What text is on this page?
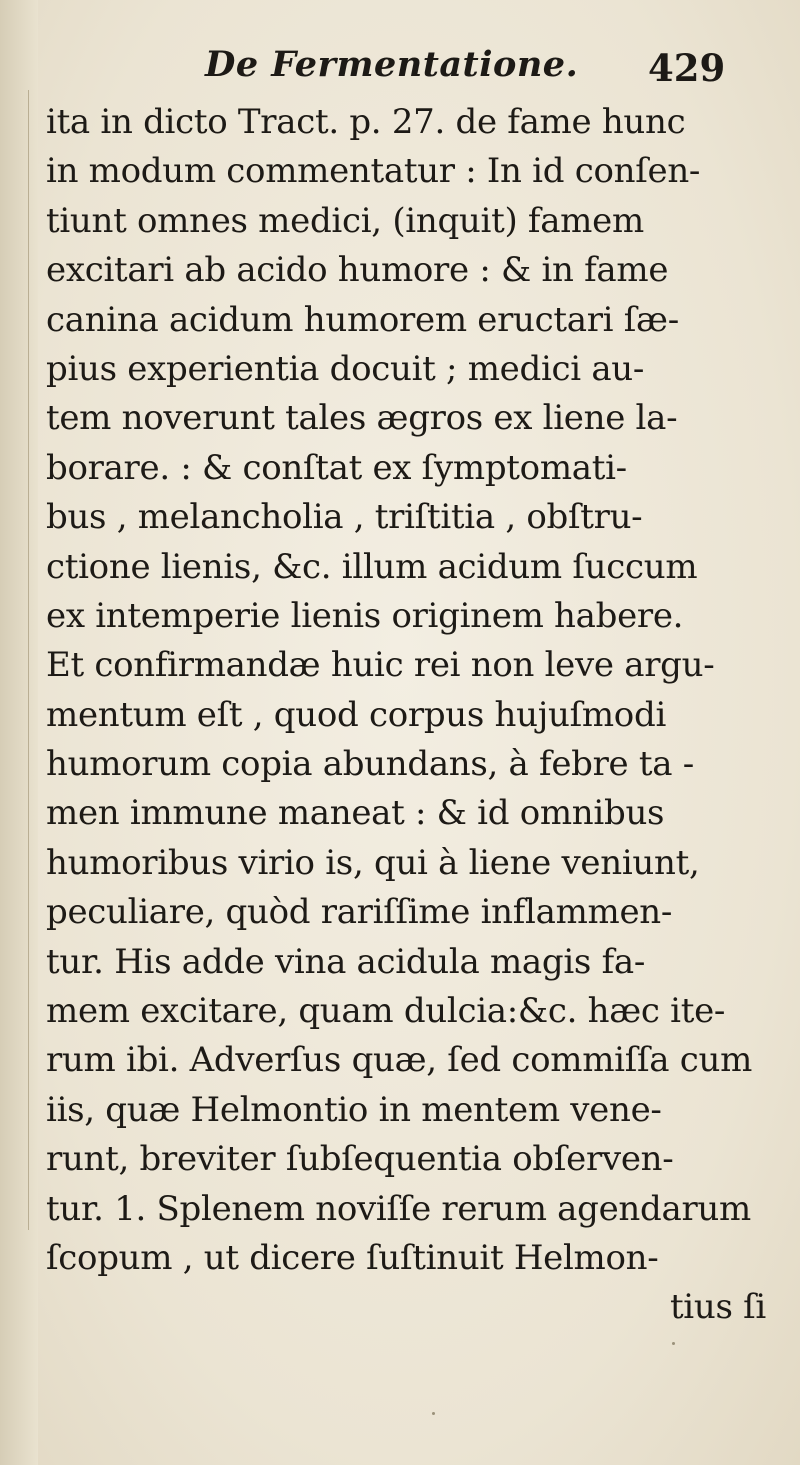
De Fermentatione. 429
ita in dicto Tract. p. 27. de fame hunc
in modum commentatur : In id conſen-
tiunt omnes medici, (inquit) famem
excitari ab acido humore : & in fame
canina acidum humorem eructari ſæ-
pius experientia docuit ; medici au-
tem noverunt tales ægros ex liene la-
borare. : & conſtat ex ſymptomati-
bus , melancholia , triſtitia , obſtru-
ctione lienis, &c. illum acidum ſuccum
ex intemperie lienis originem habere.
Et confirmandæ huic rei non leve argu-
mentum eſt , quod corpus hujuſmodi
humorum copia abundans, à febre ta -
men immune maneat : & id omnibus
humoribus virio is, qui à liene veniunt,
peculiare, quòd rariſſime inflammen-
tur. His adde vina acidula magis fa-
mem excitare, quam dulcia:&c. hæc ite-
rum ibi. Adverſus quæ, ſed commiſſa cum
iis, quæ Helmontio in mentem vene-
runt, breviter ſubſequentia obſerven-
tur. 1. Splenem noviſſe rerum agendarum
ſcopum , ut dicere ſuſtinuit Helmon-
tius ſi
